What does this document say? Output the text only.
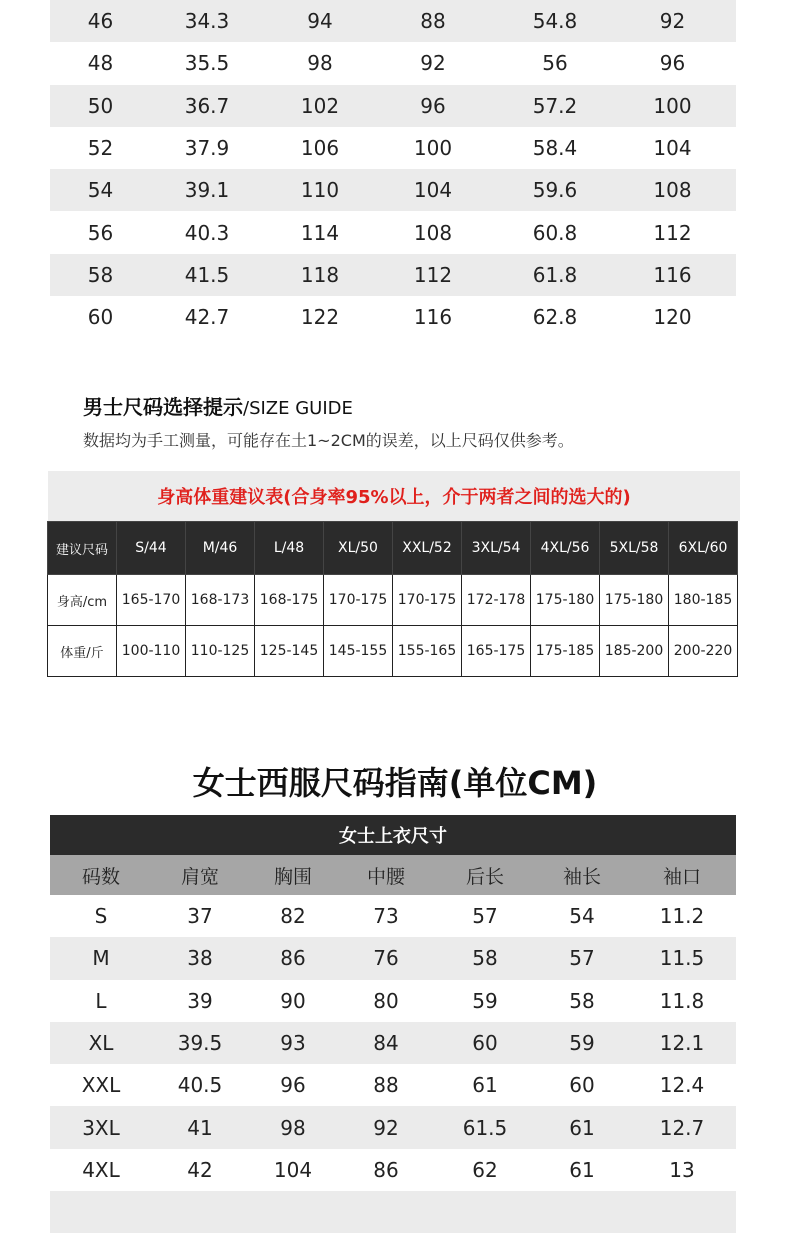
46	34.3	94	88	54.8	92
48	35.5	98	92	56	96
50	36.7	102	96	57.2	100
52	37.9	106	100	58.4	104
54	39.1	110	104	59.6	108
56	40.3	114	108	60.8	112
58	41.5	118	112	61.8	116
60	42.7	122	116	62.8	120
男士尺码选择提示/SIZE GUIDE
数据均为手工测量，可能存在土1~2CM的误差，以上尺码仅供参考。
身高体重建议表(合身率95%以上，介于两者之间的选大的)
建议尺码	S/44	M/46	L/48	XL/50	XXL/52	3XL/54	4XL/56	5XL/58	6XL/60
身高/cm	165-170	168-173	168-175	170-175	170-175	172-178	175-180	175-180	180-185
体重/斤	100-110	110-125	125-145	145-155	155-165	165-175	175-185	185-200	200-220
女士西服尺码指南(单位CM)
女士上衣尺寸
码数	肩宽	胸围	中腰	后长	袖长	袖口
S	37	82	73	57	54	11.2
M	38	86	76	58	57	11.5
L	39	90	80	59	58	11.8
XL	39.5	93	84	60	59	12.1
XXL	40.5	96	88	61	60	12.4
3XL	41	98	92	61.5	61	12.7
4XL	42	104	86	62	61	13
